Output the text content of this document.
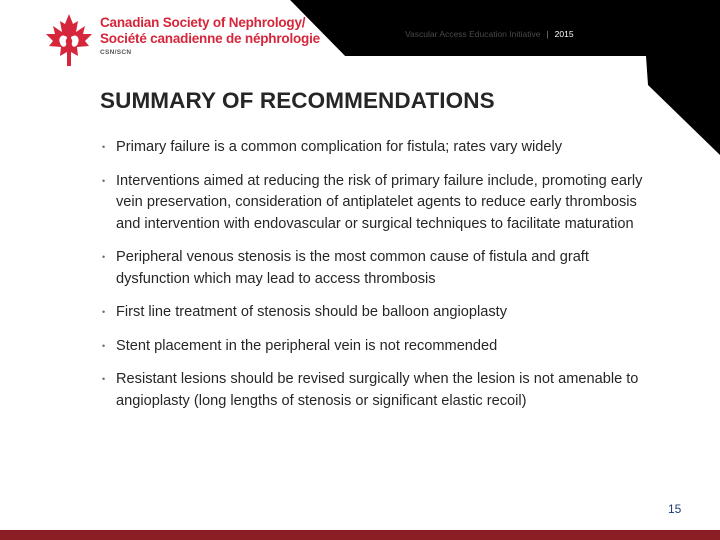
Canadian Society of Nephrology/
Société canadienne de néphrologie
CSN/SCN
Vascular Access Education Initiative | 2015
SUMMARY OF RECOMMENDATIONS
• Primary failure is a common complication for fistula; rates vary widely
• Interventions aimed at reducing the risk of primary failure include, promoting early vein preservation, consideration of antiplatelet agents to reduce early thrombosis and intervention with endovascular or surgical techniques to facilitate maturation
• Peripheral venous stenosis is the most common cause of fistula and graft dysfunction which may lead to access thrombosis
• First line treatment of stenosis should be balloon angioplasty
• Stent placement in the peripheral vein is not recommended
• Resistant lesions should be revised surgically when the lesion is not amenable to angioplasty (long lengths of stenosis or significant elastic recoil)
15
